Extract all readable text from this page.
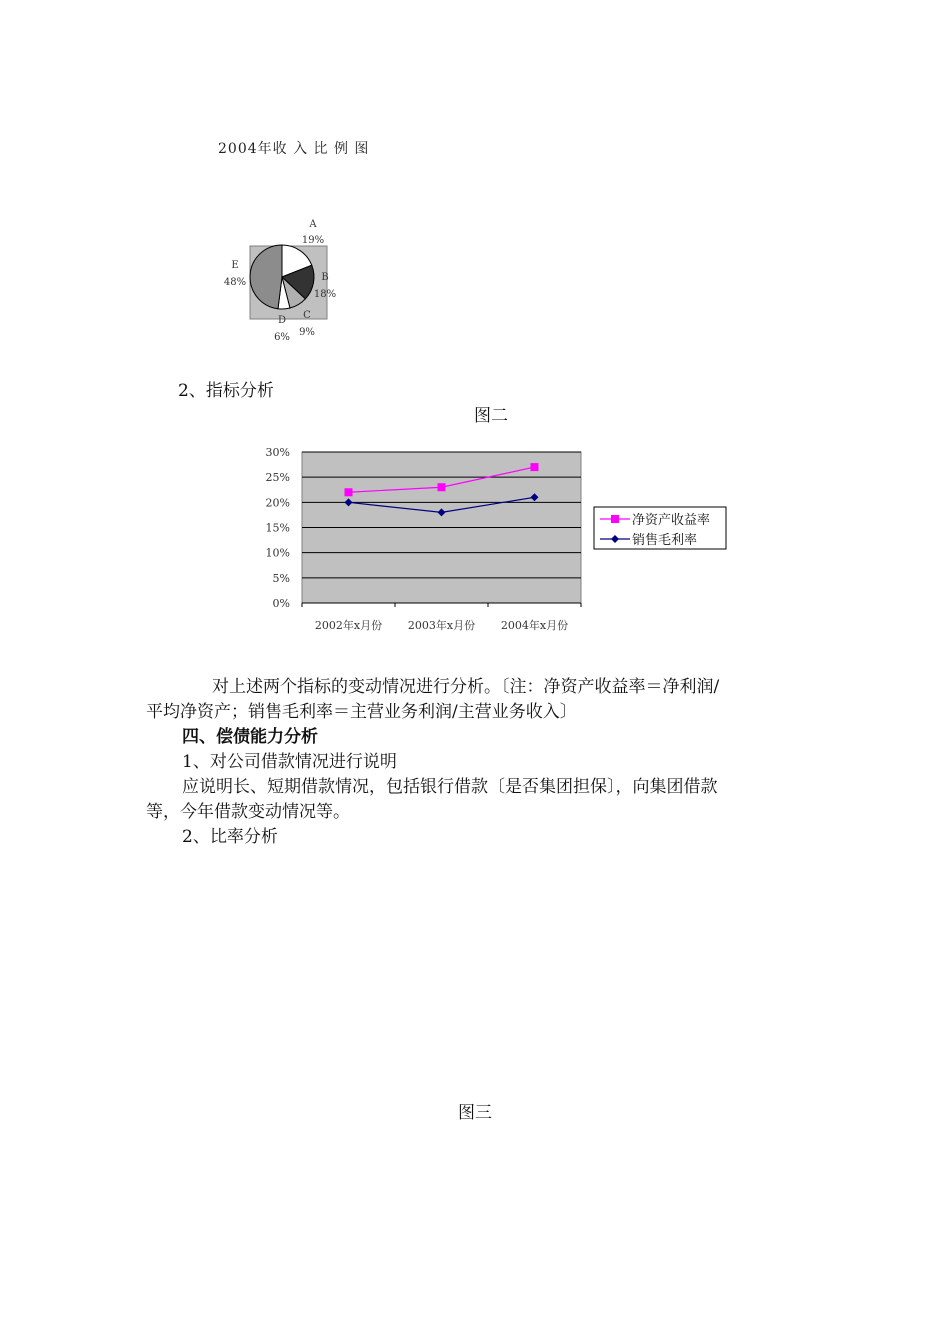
2004年收 入 比 例 图
A
19%
B
18%
C
9%
D
6%
E
48%
2、指标分析
图二
0%
5%
10%
15%
20%
25%
30%
2002年x月份 2003年x月份 2004年x月份
净资产收益率
销售毛利率
对上述两个指标的变动情况进行分析。〔注：净资产收益率＝净利润/
平均净资产；销售毛利率＝主营业务利润/主营业务收入〕
四、偿债能力分析
1、对公司借款情况进行说明
应说明长、短期借款情况，包括银行借款〔是否集团担保〕，向集团借款
等，今年借款变动情况等。
2、比率分析
图三
